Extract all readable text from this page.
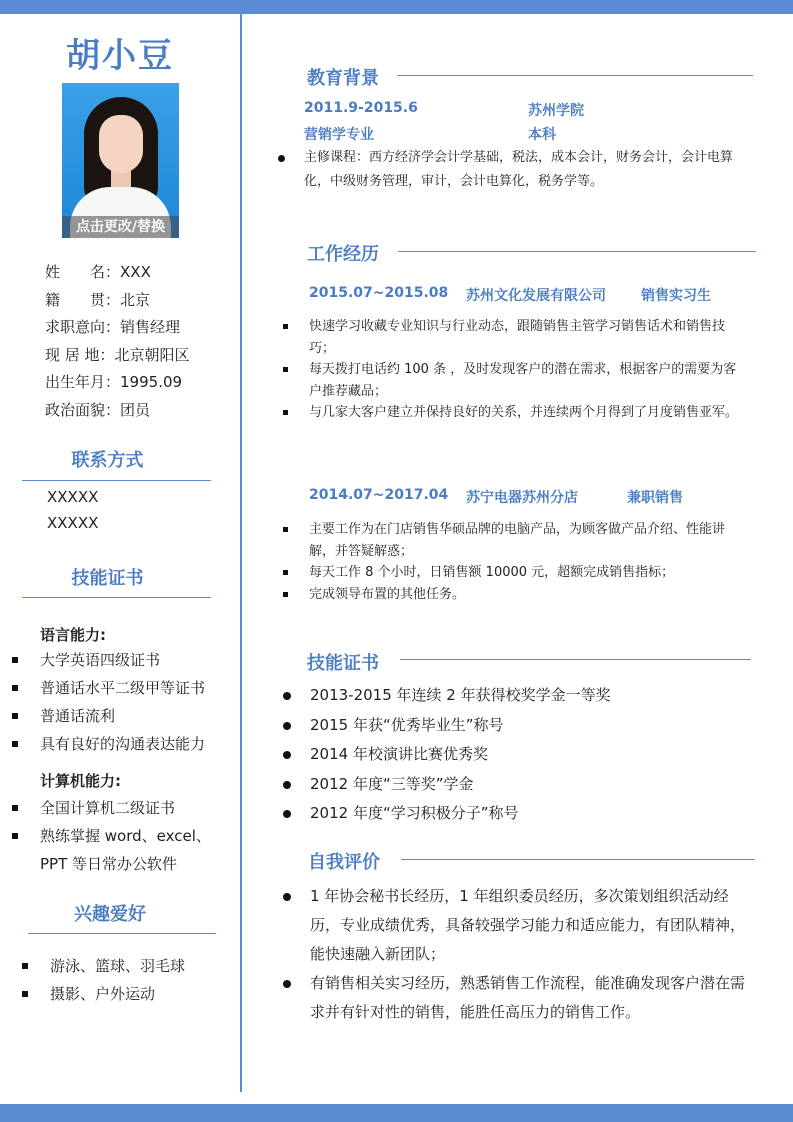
胡小豆
点击更改/替换
姓　　名：XXX
籍　　贯：北京
求职意向：销售经理
现 居 地：北京朝阳区
出生年月：1995.09
政治面貌：团员
联系方式
XXXXX
XXXXX
技能证书
语言能力:
大学英语四级证书
普通话水平二级甲等证书
普通话流利
具有良好的沟通表达能力
计算机能力:
全国计算机二级证书
熟练掌握 word、excel、PPT 等日常办公软件
兴趣爱好
游泳、篮球、羽毛球
摄影、户外运动
教育背景
2011.9-2015.6	苏州学院
营销学专业	本科
主修课程：西方经济学会计学基础，税法，成本会计，财务会计，会计电算化，中级财务管理，审计，会计电算化，税务学等。
工作经历
2015.07~2015.08 苏州文化发展有限公司	销售实习生
快速学习收藏专业知识与行业动态，跟随销售主管学习销售话术和销售技巧；
每天拨打电话约 100 条 ，及时发现客户的潜在需求，根据客户的需要为客户推荐藏品；
与几家大客户建立并保持良好的关系，并连续两个月得到了月度销售亚军。
2014.07~2017.04 苏宁电器苏州分店	兼职销售
主要工作为在门店销售华硕品牌的电脑产品，为顾客做产品介绍、性能讲解，并答疑解惑；
每天工作 8 个小时，日销售额 10000 元，超额完成销售指标；
完成领导布置的其他任务。
技能证书
2013-2015 年连续 2 年获得校奖学金一等奖
2015 年获“优秀毕业生”称号
2014 年校演讲比赛优秀奖
2012 年度“三等奖”学金
2012 年度“学习积极分子”称号
自我评价
1 年协会秘书长经历，1 年组织委员经历，多次策划组织活动经历，专业成绩优秀，具备较强学习能力和适应能力，有团队精神，能快速融入新团队；
有销售相关实习经历，熟悉销售工作流程，能准确发现客户潜在需求并有针对性的销售，能胜任高压力的销售工作。
